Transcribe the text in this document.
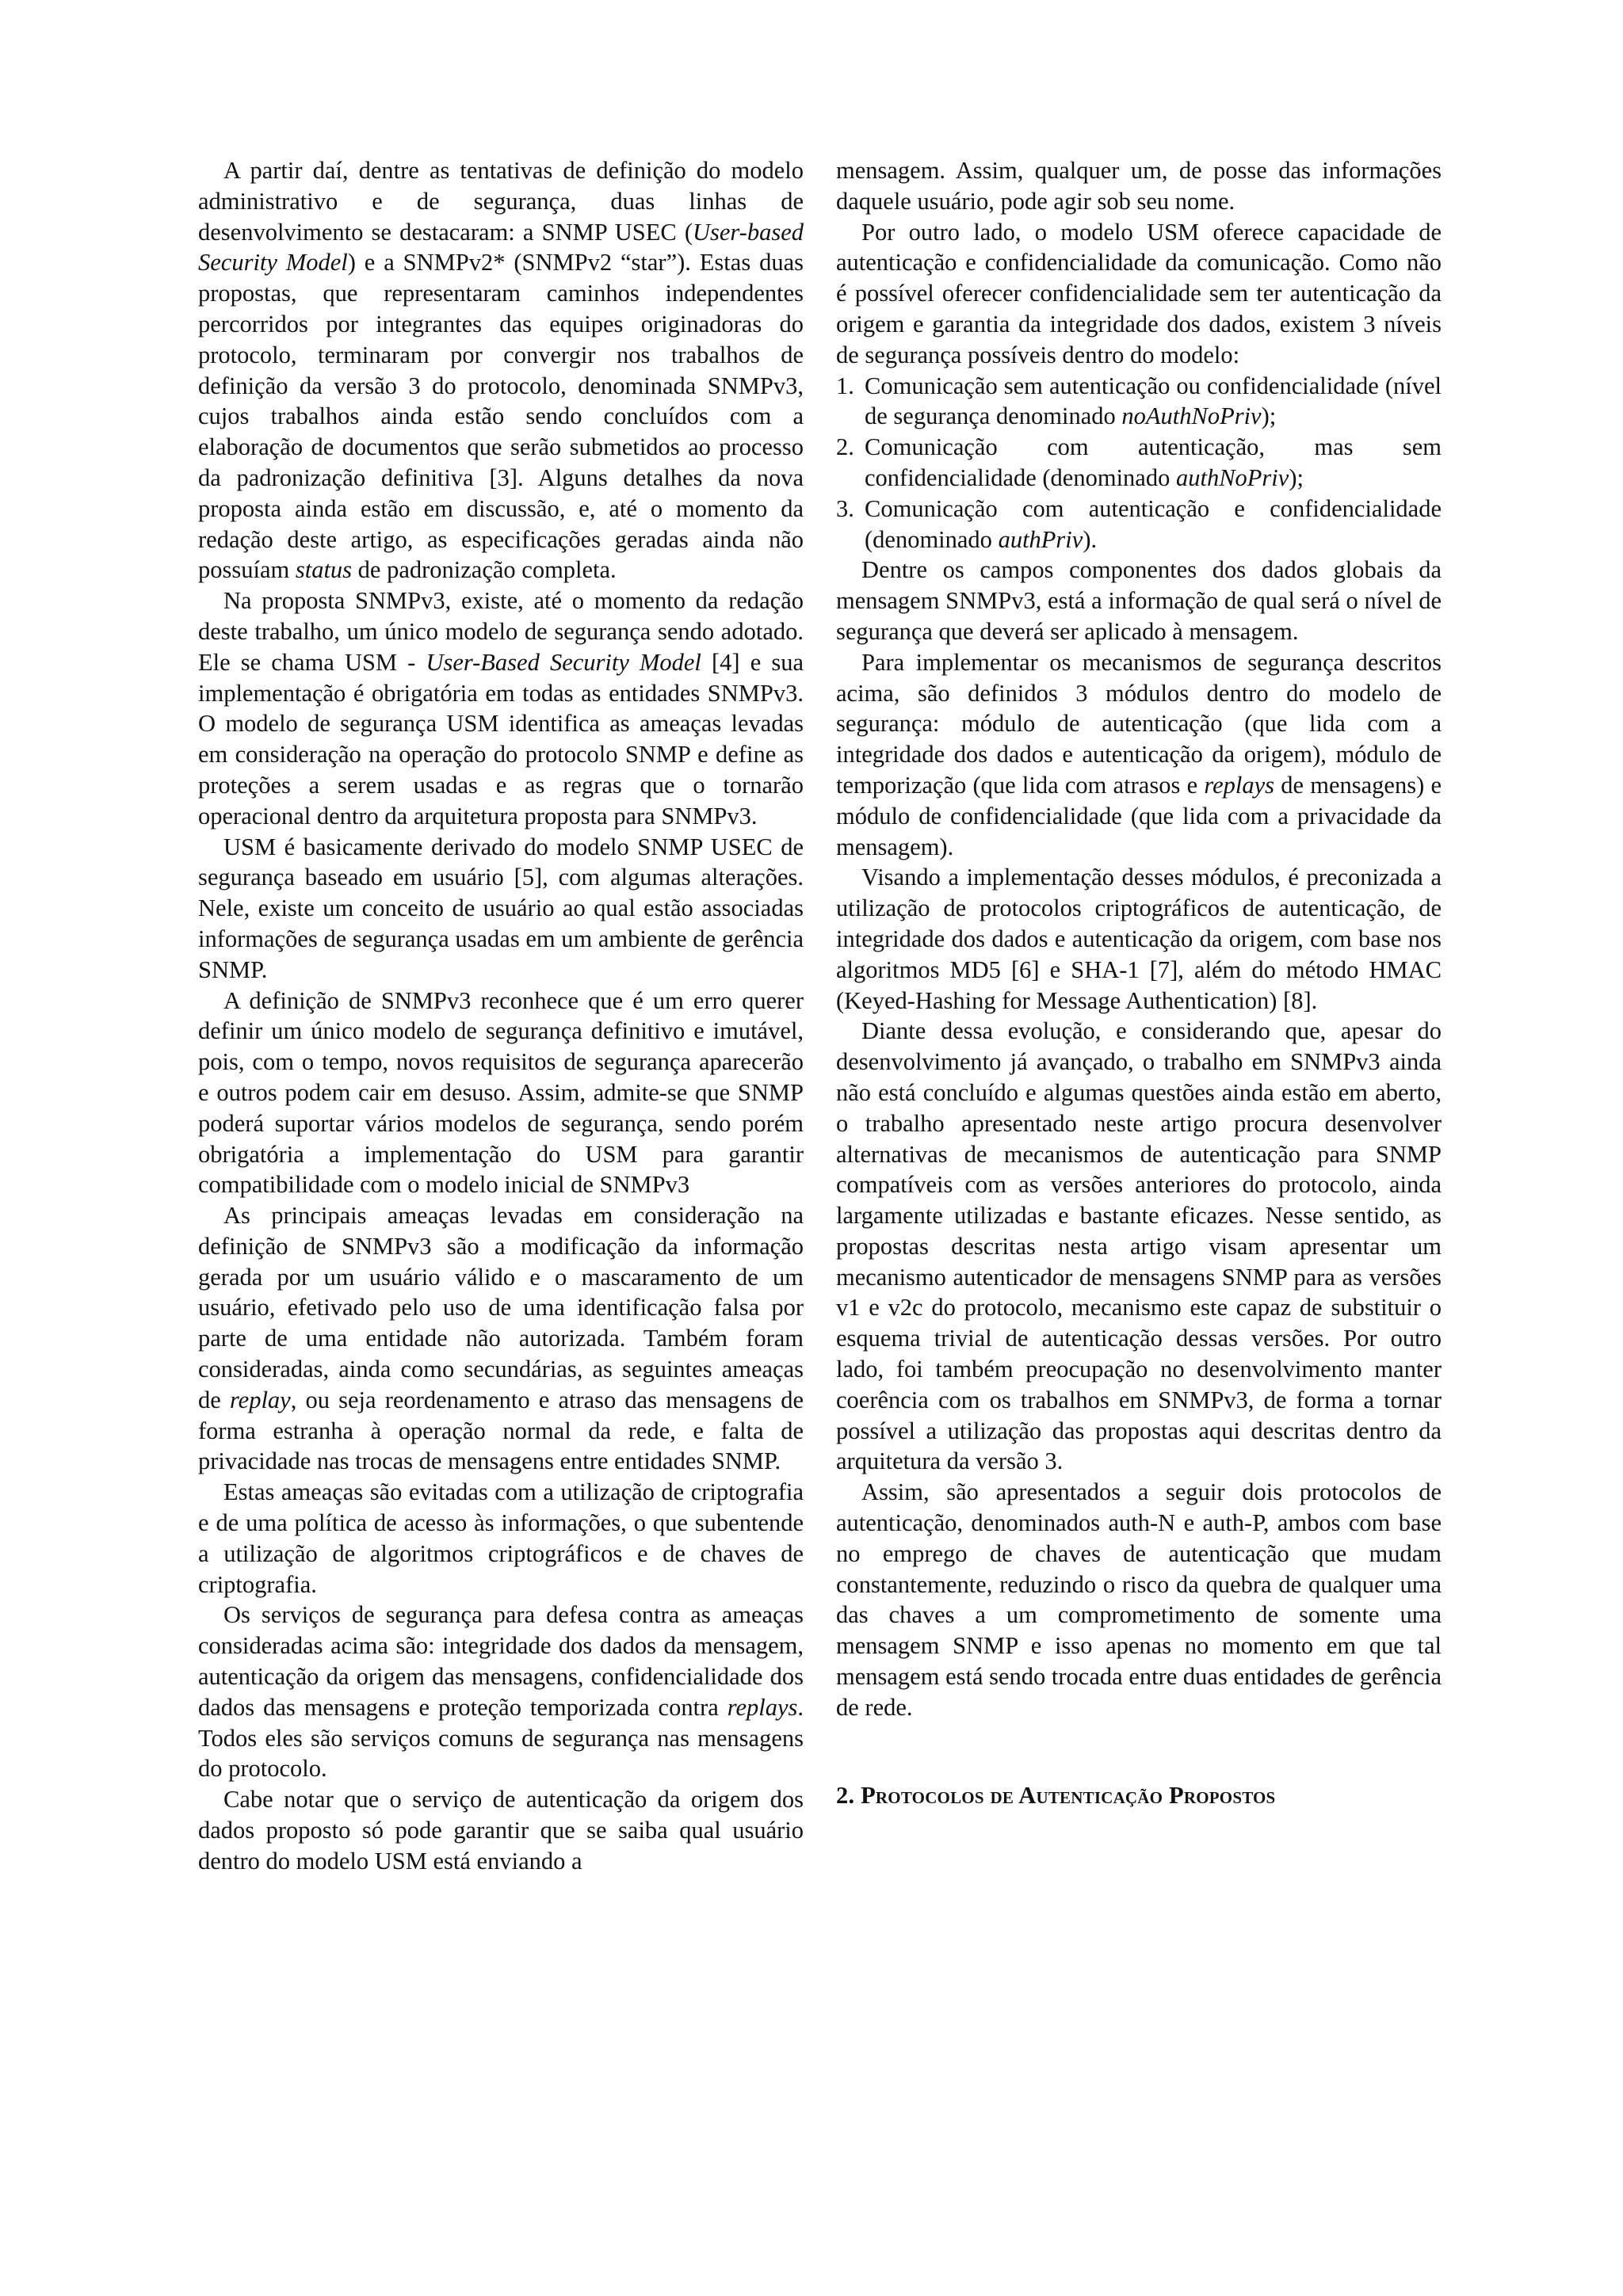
A partir daí, dentre as tentativas de definição do modelo administrativo e de segurança, duas linhas de desenvolvimento se destacaram: a SNMP USEC (User-based Security Model) e a SNMPv2* (SNMPv2 “star”). Estas duas propostas, que representaram caminhos independentes percorridos por integrantes das equipes originadoras do protocolo, terminaram por convergir nos trabalhos de definição da versão 3 do protocolo, denominada SNMPv3, cujos trabalhos ainda estão sendo concluídos com a elaboração de documentos que serão submetidos ao processo da padronização definitiva [3]. Alguns detalhes da nova proposta ainda estão em discussão, e, até o momento da redação deste artigo, as especificações geradas ainda não possuíam status de padronização completa.

Na proposta SNMPv3, existe, até o momento da redação deste trabalho, um único modelo de segurança sendo adotado. Ele se chama USM - User-Based Security Model [4] e sua implementação é obrigatória em todas as entidades SNMPv3. O modelo de segurança USM identifica as ameaças levadas em consideração na operação do protocolo SNMP e define as proteções a serem usadas e as regras que o tornarão operacional dentro da arquitetura proposta para SNMPv3.

USM é basicamente derivado do modelo SNMP USEC de segurança baseado em usuário [5], com algumas alterações. Nele, existe um conceito de usuário ao qual estão associadas informações de segurança usadas em um ambiente de gerência SNMP.

A definição de SNMPv3 reconhece que é um erro querer definir um único modelo de segurança definitivo e imutável, pois, com o tempo, novos requisitos de segurança aparecerão e outros podem cair em desuso. Assim, admite-se que SNMP poderá suportar vários modelos de segurança, sendo porém obrigatória a implementação do USM para garantir compatibilidade com o modelo inicial de SNMPv3

As principais ameaças levadas em consideração na definição de SNMPv3 são a modificação da informação gerada por um usuário válido e o mascaramento de um usuário, efetivado pelo uso de uma identificação falsa por parte de uma entidade não autorizada. Também foram consideradas, ainda como secundárias, as seguintes ameaças de replay, ou seja reordenamento e atraso das mensagens de forma estranha à operação normal da rede, e falta de privacidade nas trocas de mensagens entre entidades SNMP.

Estas ameaças são evitadas com a utilização de criptografia e de uma política de acesso às informações, o que subentende a utilização de algoritmos criptográficos e de chaves de criptografia.

Os serviços de segurança para defesa contra as ameaças consideradas acima são: integridade dos dados da mensagem, autenticação da origem das mensagens, confidencialidade dos dados das mensagens e proteção temporizada contra replays. Todos eles são serviços comuns de segurança nas mensagens do protocolo.

Cabe notar que o serviço de autenticação da origem dos dados proposto só pode garantir que se saiba qual usuário dentro do modelo USM está enviando a

mensagem. Assim, qualquer um, de posse das informações daquele usuário, pode agir sob seu nome.

Por outro lado, o modelo USM oferece capacidade de autenticação e confidencialidade da comunicação. Como não é possível oferecer confidencialidade sem ter autenticação da origem e garantia da integridade dos dados, existem 3 níveis de segurança possíveis dentro do modelo:

1. Comunicação sem autenticação ou confidencialidade (nível de segurança denominado noAuthNoPriv);
2. Comunicação com autenticação, mas sem confidencialidade (denominado authNoPriv);
3. Comunicação com autenticação e confidencialidade (denominado authPriv).

Dentre os campos componentes dos dados globais da mensagem SNMPv3, está a informação de qual será o nível de segurança que deverá ser aplicado à mensagem.

Para implementar os mecanismos de segurança descritos acima, são definidos 3 módulos dentro do modelo de segurança: módulo de autenticação (que lida com a integridade dos dados e autenticação da origem), módulo de temporização (que lida com atrasos e replays de mensagens) e módulo de confidencialidade (que lida com a privacidade da mensagem).

Visando a implementação desses módulos, é preconizada a utilização de protocolos criptográficos de autenticação, de integridade dos dados e autenticação da origem, com base nos algoritmos MD5 [6] e SHA-1 [7], além do método HMAC (Keyed-Hashing for Message Authentication) [8].

Diante dessa evolução, e considerando que, apesar do desenvolvimento já avançado, o trabalho em SNMPv3 ainda não está concluído e algumas questões ainda estão em aberto, o trabalho apresentado neste artigo procura desenvolver alternativas de mecanismos de autenticação para SNMP compatíveis com as versões anteriores do protocolo, ainda largamente utilizadas e bastante eficazes. Nesse sentido, as propostas descritas nesta artigo visam apresentar um mecanismo autenticador de mensagens SNMP para as versões v1 e v2c do protocolo, mecanismo este capaz de substituir o esquema trivial de autenticação dessas versões. Por outro lado, foi também preocupação no desenvolvimento manter coerência com os trabalhos em SNMPv3, de forma a tornar possível a utilização das propostas aqui descritas dentro da arquitetura da versão 3.

Assim, são apresentados a seguir dois protocolos de autenticação, denominados auth-N e auth-P, ambos com base no emprego de chaves de autenticação que mudam constantemente, reduzindo o risco da quebra de qualquer uma das chaves a um comprometimento de somente uma mensagem SNMP e isso apenas no momento em que tal mensagem está sendo trocada entre duas entidades de gerência de rede.

2. Protocolos de Autenticação Propostos
